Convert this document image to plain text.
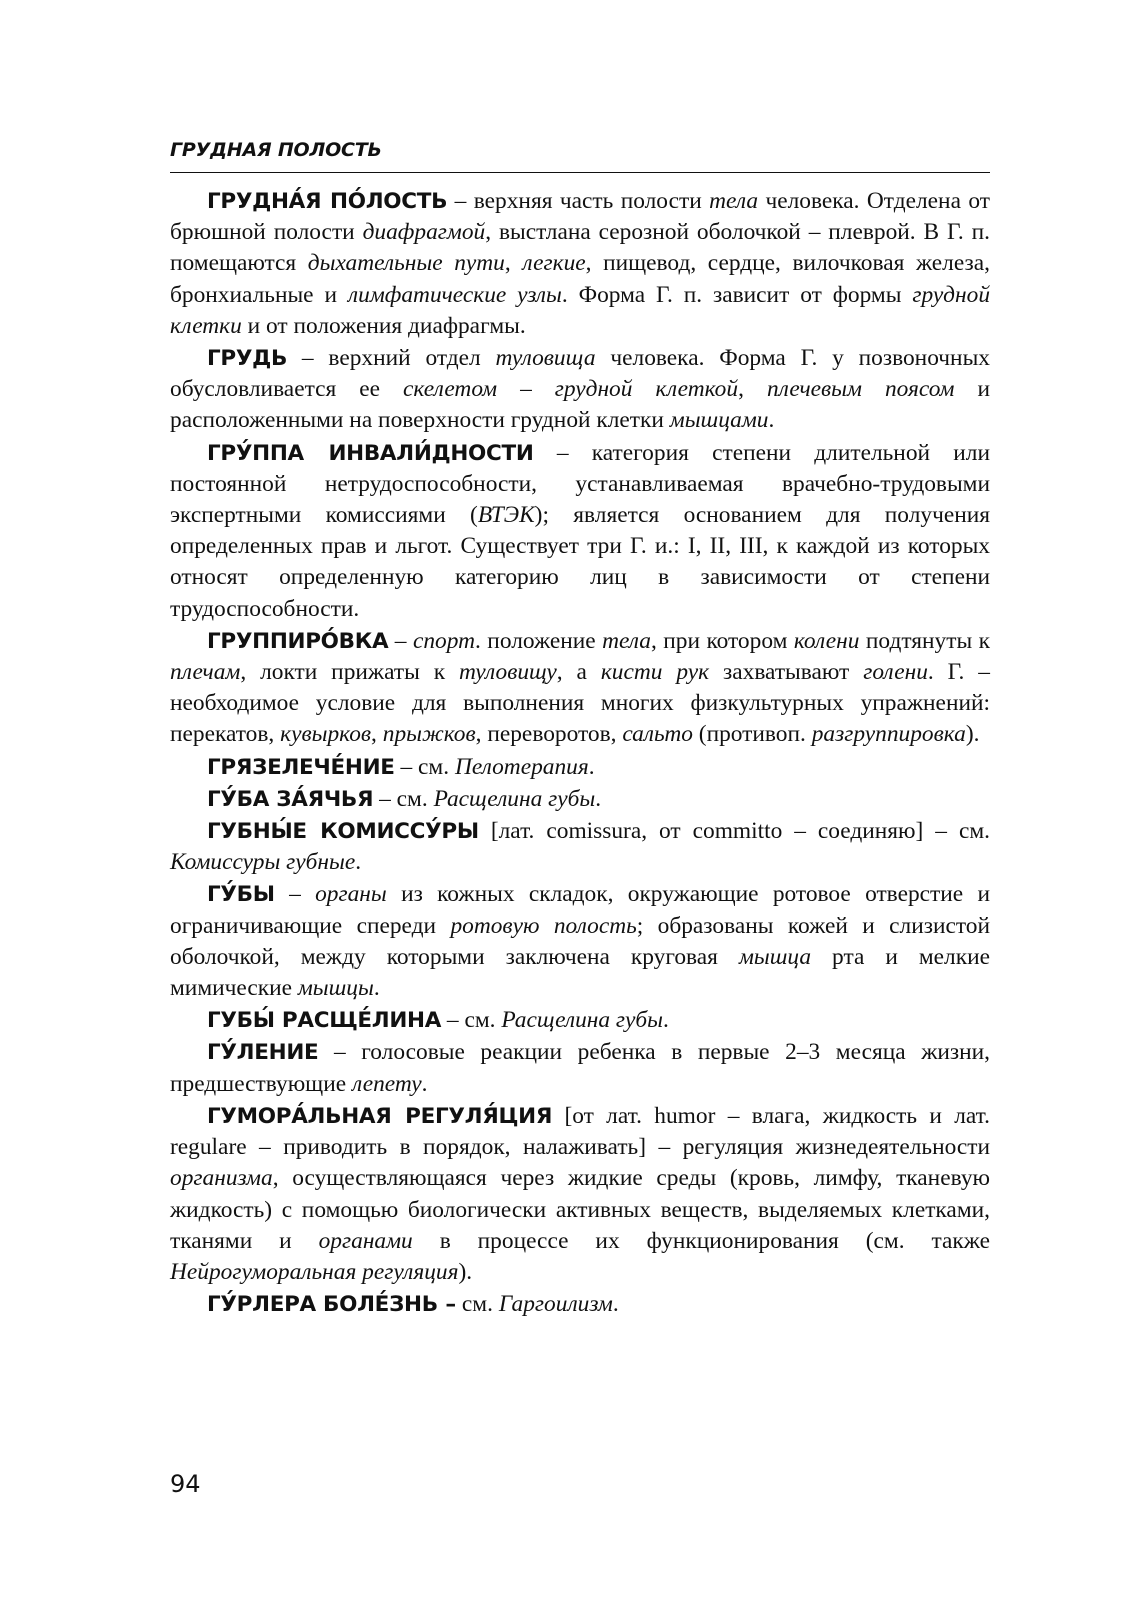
ГРУДНАЯ ПОЛОСТЬ

ГРУДНА́Я ПО́ЛОСТЬ – верхняя часть полости тела человека. Отделена от брюшной полости диафрагмой, выстлана серозной оболочкой – плеврой. В Г. п. помещаются дыхательные пути, легкие, пищевод, сердце, вилочковая железа, бронхиальные и лимфатические узлы. Форма Г. п. зависит от формы грудной клетки и от положения диафрагмы.

ГРУДЬ – верхний отдел туловища человека. Форма Г. у позвоночных обусловливается ее скелетом – грудной клеткой, плечевым поясом и расположенными на поверхности грудной клетки мышцами.

ГРУ́ППА ИНВАЛИ́ДНОСТИ – категория степени длительной или постоянной нетрудоспособности, устанавливаемая врачебно-трудовыми экспертными комиссиями (ВТЭК); является основанием для получения определенных прав и льгот. Существует три Г. и.: I, II, III, к каждой из которых относят определенную категорию лиц в зависимости от степени трудоспособности.

ГРУППИРО́ВКА – спорт. положение тела, при котором колени подтянуты к плечам, локти прижаты к туловищу, а кисти рук захватывают голени. Г. – необходимое условие для выполнения многих физкультурных упражнений: перекатов, кувырков, прыжков, переворотов, сальто (противоп. разгруппировка).

ГРЯЗЕЛЕЧЕ́НИЕ – см. Пелотерапия.

ГУ́БА ЗА́ЯЧЬЯ – см. Расщелина губы.

ГУБНЫ́Е КОМИССУ́РЫ [лат. comissura, от committo – соединяю] – см. Комиссуры губные.

ГУ́БЫ – органы из кожных складок, окружающие ротовое отверстие и ограничивающие спереди ротовую полость; образованы кожей и слизистой оболочкой, между которыми заключена круговая мышца рта и мелкие мимические мышцы.

ГУБЫ́ РАСЩЕ́ЛИНА – см. Расщелина губы.

ГУ́ЛЕНИЕ – голосовые реакции ребенка в первые 2–3 месяца жизни, предшествующие лепету.

ГУМОРА́ЛЬНАЯ РЕГУЛЯ́ЦИЯ [от лат. humor – влага, жидкость и лат. regulare – приводить в порядок, налаживать] – регуляция жизнедеятельности организма, осуществляющаяся через жидкие среды (кровь, лимфу, тканевую жидкость) с помощью биологически активных веществ, выделяемых клетками, тканями и органами в процессе их функционирования (см. также Нейрогуморальная регуляция).

ГУ́РЛЕРА БОЛЕ́ЗНЬ – см. Гаргоилизм.

94
